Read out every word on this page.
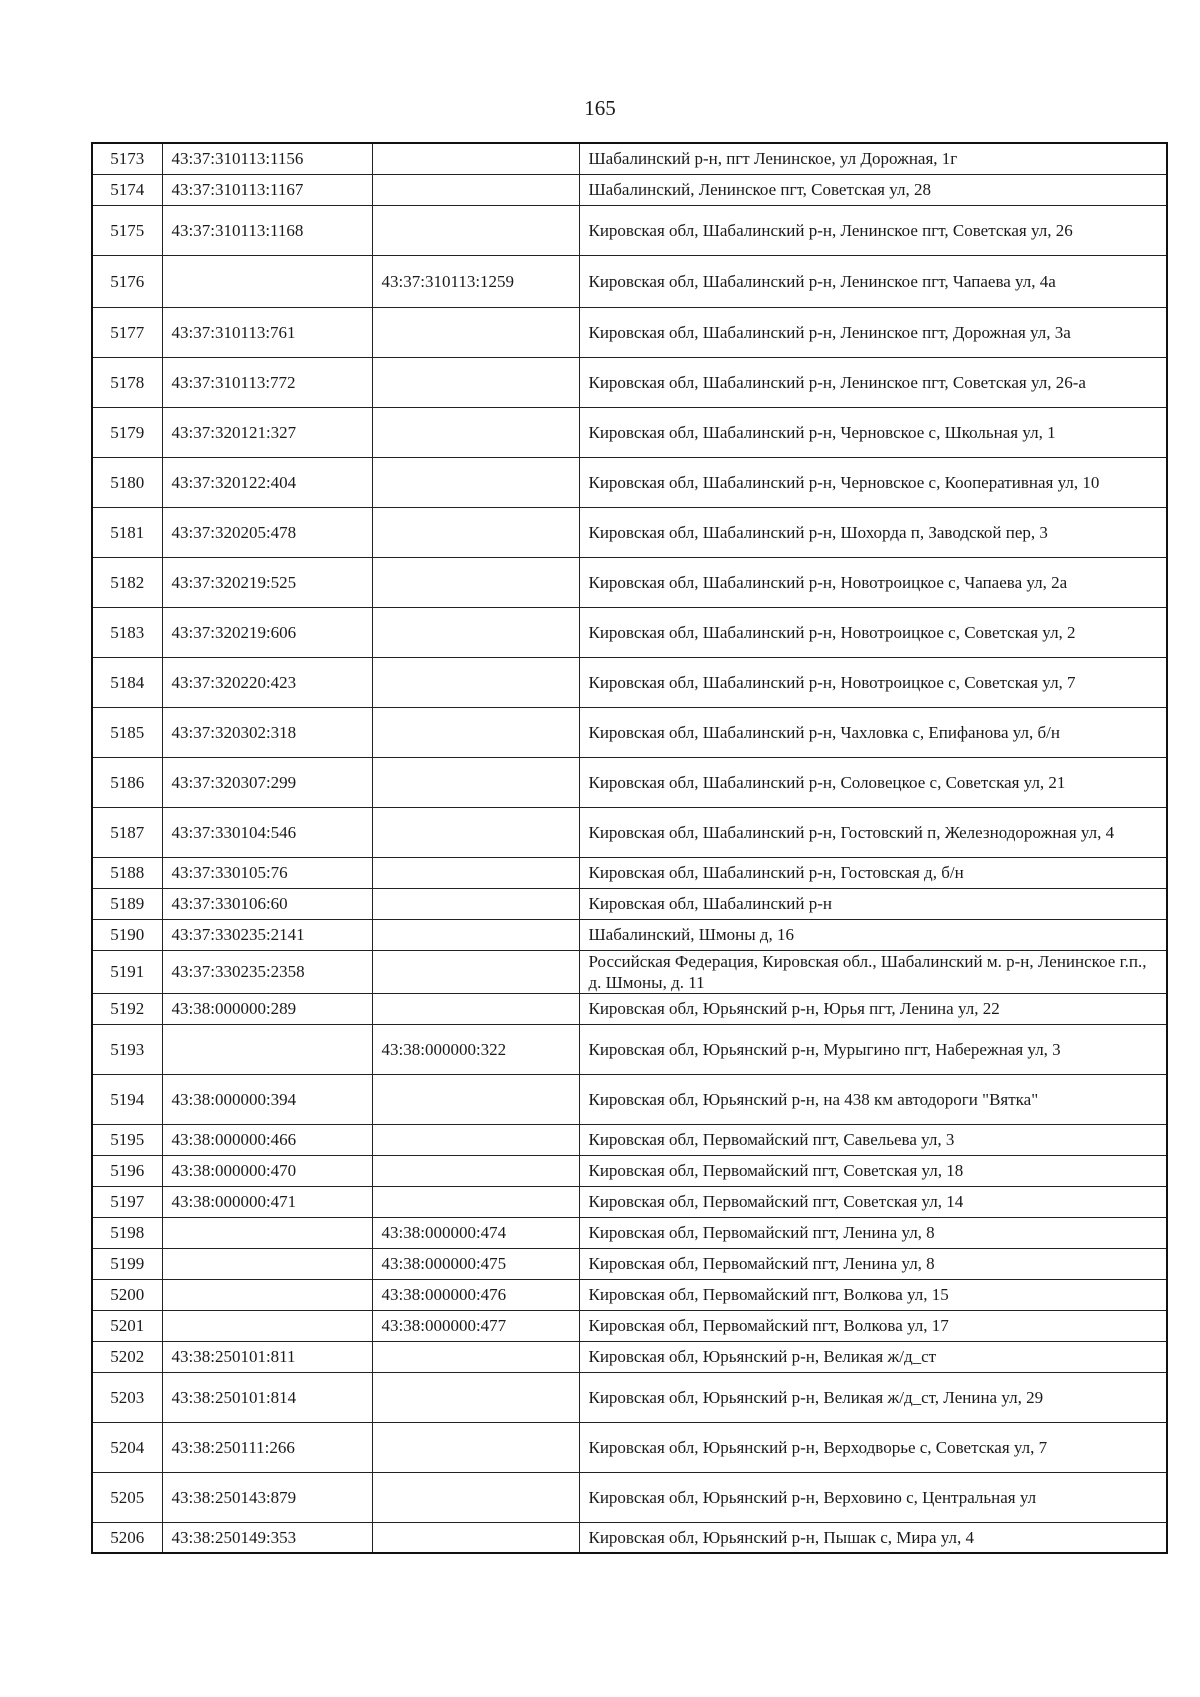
165
5173	43:37:310113:1156		Шабалинский р-н, пгт Ленинское, ул Дорожная, 1г
5174	43:37:310113:1167		Шабалинский, Ленинское пгт, Советская ул, 28
5175	43:37:310113:1168		Кировская обл, Шабалинский р-н, Ленинское пгт, Советская ул, 26
5176		43:37:310113:1259	Кировская обл, Шабалинский р-н, Ленинское пгт, Чапаева ул, 4а
5177	43:37:310113:761		Кировская обл, Шабалинский р-н, Ленинское пгт, Дорожная ул, 3а
5178	43:37:310113:772		Кировская обл, Шабалинский р-н, Ленинское пгт, Советская ул, 26-а
5179	43:37:320121:327		Кировская обл, Шабалинский р-н, Черновское с, Школьная ул, 1
5180	43:37:320122:404		Кировская обл, Шабалинский р-н, Черновское с, Кооперативная ул, 10
5181	43:37:320205:478		Кировская обл, Шабалинский р-н, Шохорда п, Заводской пер, 3
5182	43:37:320219:525		Кировская обл, Шабалинский р-н, Новотроицкое с, Чапаева ул, 2а
5183	43:37:320219:606		Кировская обл, Шабалинский р-н, Новотроицкое с, Советская ул, 2
5184	43:37:320220:423		Кировская обл, Шабалинский р-н, Новотроицкое с, Советская ул, 7
5185	43:37:320302:318		Кировская обл, Шабалинский р-н, Чахловка с, Епифанова ул, б/н
5186	43:37:320307:299		Кировская обл, Шабалинский р-н, Соловецкое с, Советская ул, 21
5187	43:37:330104:546		Кировская обл, Шабалинский р-н, Гостовский п, Железнодорожная ул, 4
5188	43:37:330105:76		Кировская обл, Шабалинский р-н, Гостовская д, б/н
5189	43:37:330106:60		Кировская обл, Шабалинский р-н
5190	43:37:330235:2141		Шабалинский, Шмоны д, 16
5191	43:37:330235:2358		Российская Федерация, Кировская обл., Шабалинский м. р-н, Ленинское г.п., д. Шмоны, д. 11
5192	43:38:000000:289		Кировская обл, Юрьянский р-н, Юрья пгт, Ленина ул, 22
5193		43:38:000000:322	Кировская обл, Юрьянский р-н, Мурыгино пгт, Набережная ул, 3
5194	43:38:000000:394		Кировская обл, Юрьянский р-н, на 438 км автодороги "Вятка"
5195	43:38:000000:466		Кировская обл, Первомайский пгт, Савельева ул, 3
5196	43:38:000000:470		Кировская обл, Первомайский пгт, Советская ул, 18
5197	43:38:000000:471		Кировская обл, Первомайский пгт, Советская ул, 14
5198		43:38:000000:474	Кировская обл, Первомайский пгт, Ленина ул, 8
5199		43:38:000000:475	Кировская обл, Первомайский пгт, Ленина ул, 8
5200		43:38:000000:476	Кировская обл, Первомайский пгт, Волкова ул, 15
5201		43:38:000000:477	Кировская обл, Первомайский пгт, Волкова ул, 17
5202	43:38:250101:811		Кировская обл, Юрьянский р-н, Великая ж/д_ст
5203	43:38:250101:814		Кировская обл, Юрьянский р-н, Великая ж/д_ст, Ленина ул, 29
5204	43:38:250111:266		Кировская обл, Юрьянский р-н, Верходворье с, Советская ул, 7
5205	43:38:250143:879		Кировская обл, Юрьянский р-н, Верховино с, Центральная ул
5206	43:38:250149:353		Кировская обл, Юрьянский р-н, Пышак с, Мира ул, 4
